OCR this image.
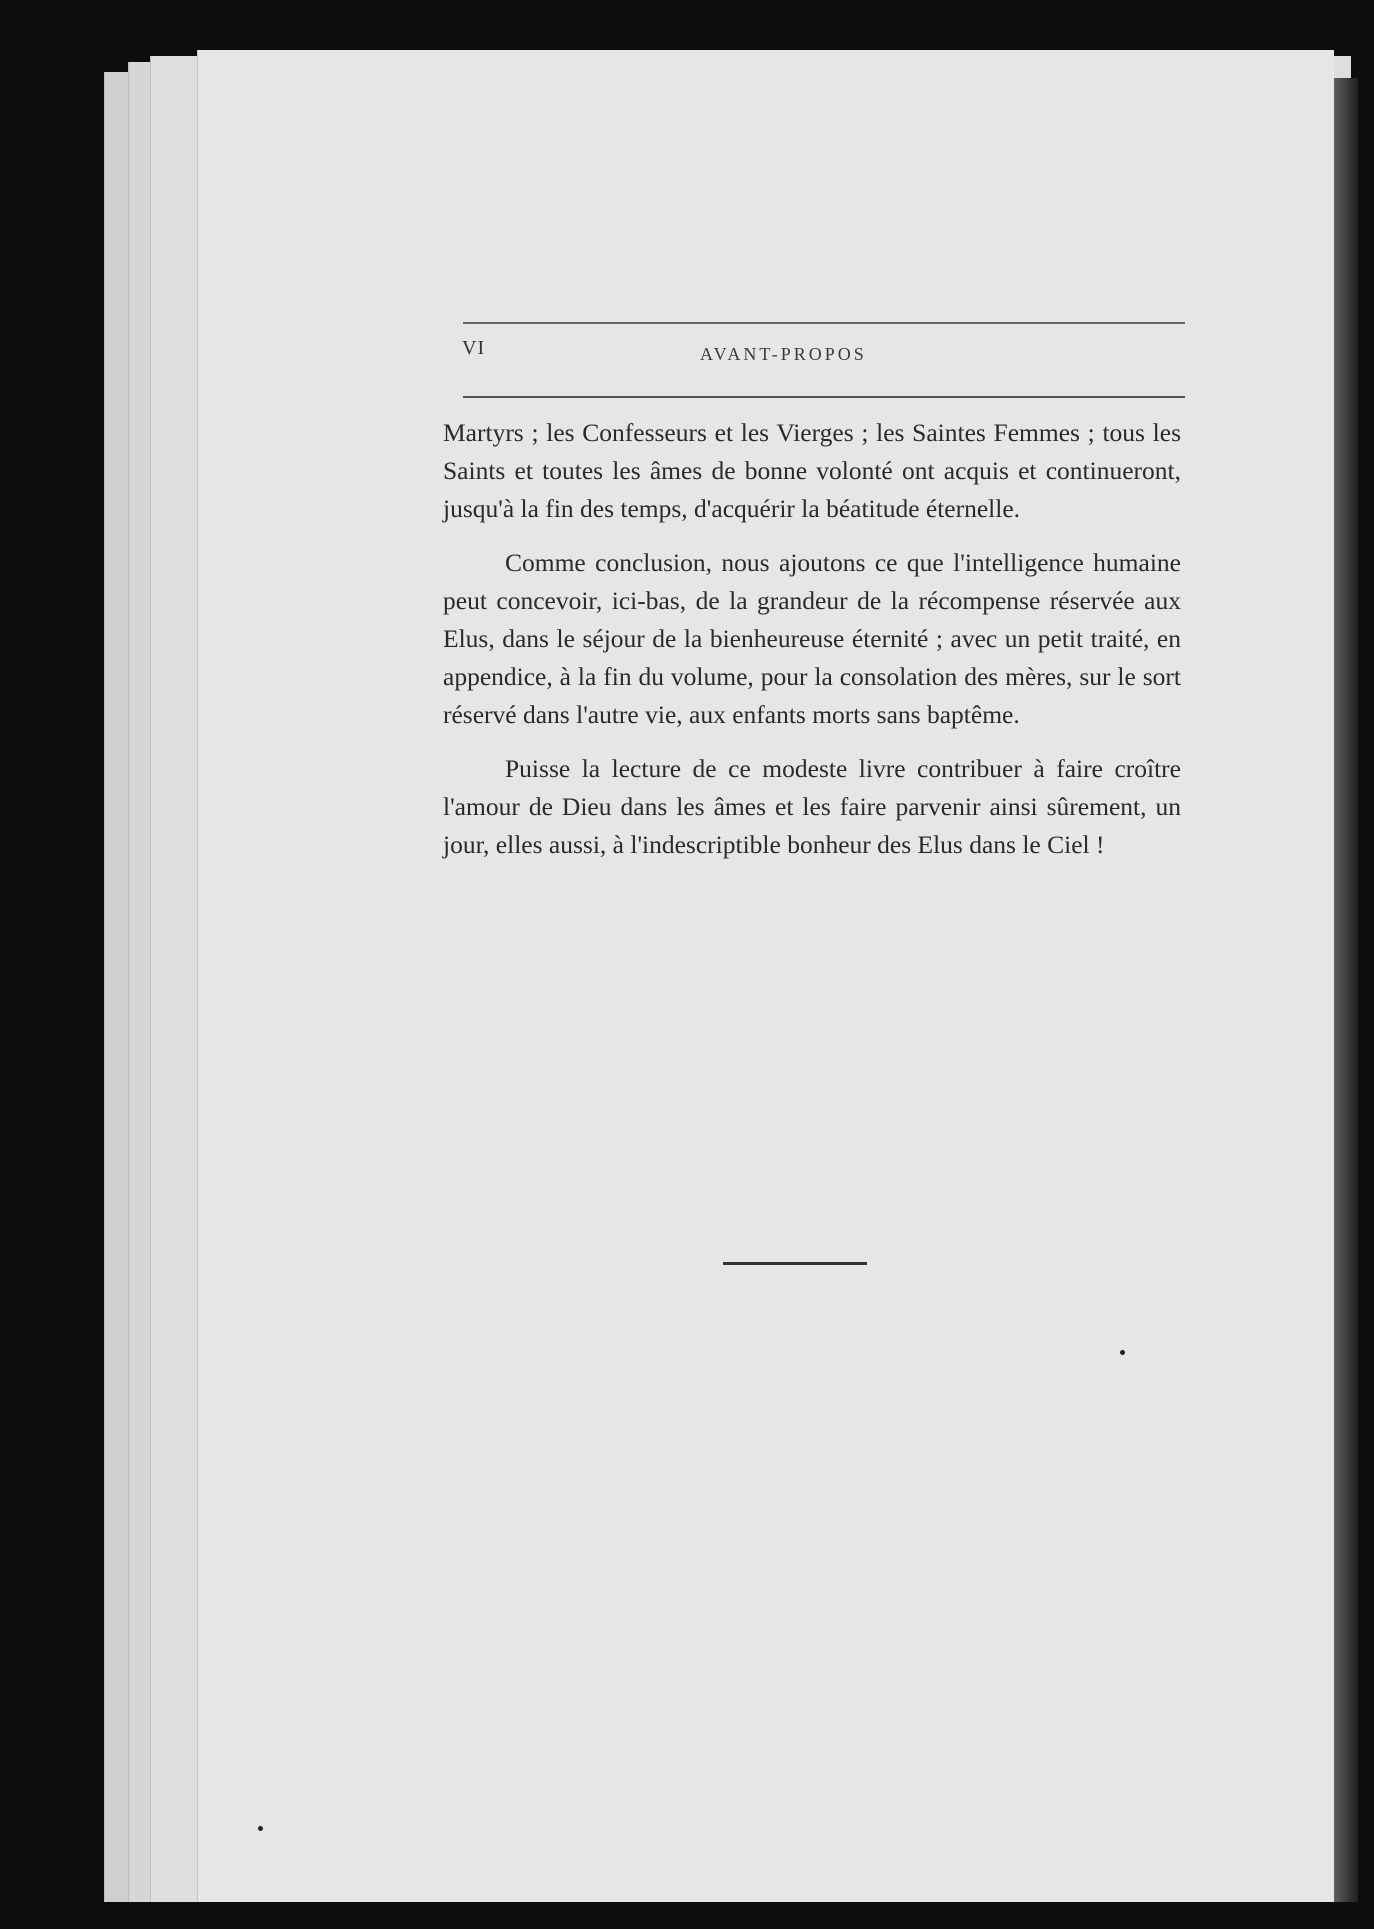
VI	AVANT-PROPOS

Martyrs ; les Confesseurs et les Vierges ; les Saintes Femmes ; tous les Saints et toutes les âmes de bonne volonté ont acquis et continueront, jusqu'à la fin des temps, d'acquérir la béatitude éternelle.

Comme conclusion, nous ajoutons ce que l'intelligence humaine peut concevoir, ici-bas, de la grandeur de la récompense réservée aux Elus, dans le séjour de la bienheureuse éternité ; avec un petit traité, en appendice, à la fin du volume, pour la consolation des mères, sur le sort réservé dans l'autre vie, aux enfants morts sans baptême.

Puisse la lecture de ce modeste livre contribuer à faire croître l'amour de Dieu dans les âmes et les faire parvenir ainsi sûrement, un jour, elles aussi, à l'indescriptible bonheur des Elus dans le Ciel !
